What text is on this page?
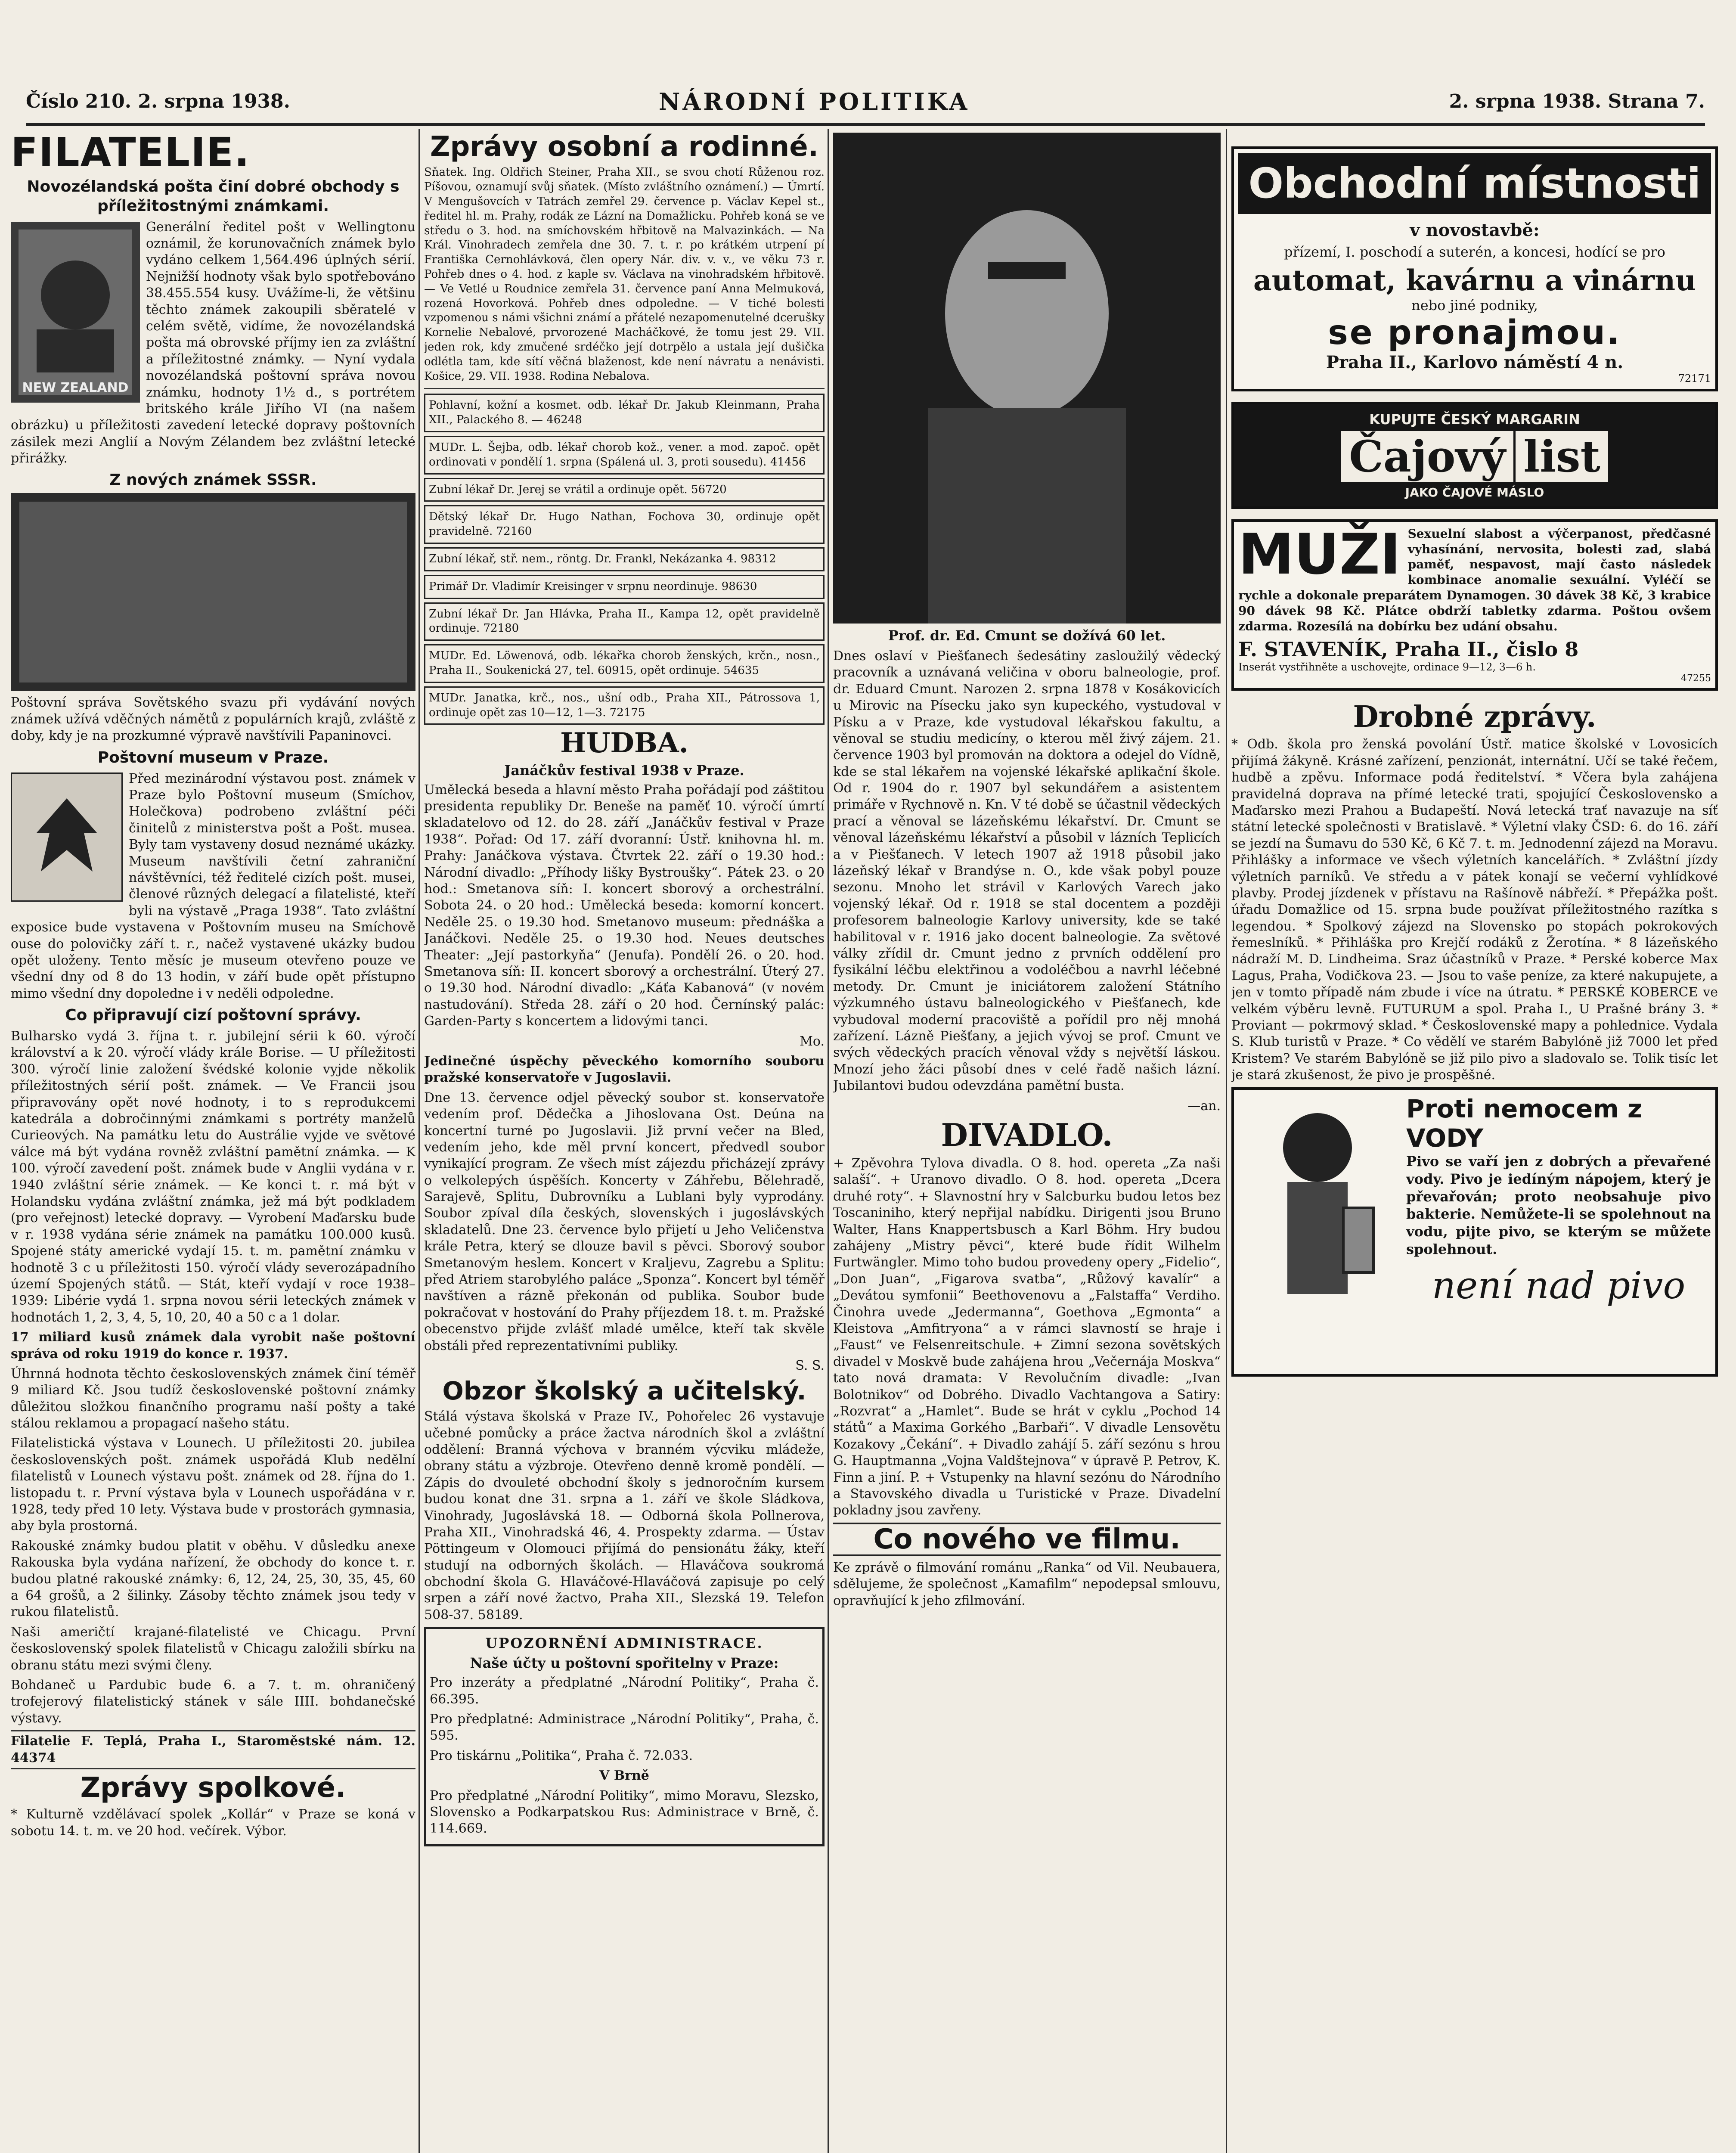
Číslo 210. 2. srpna 1938.	NÁRODNÍ POLITIKA	2. srpna 1938. Strana 7.
FILATELIE.
Novozélandská pošta činí dobré obchody s příležitostnými známkami.
NEW ZEALAND

Generální ředitel pošt v Wellingtonu oznámil, že korunovačních známek bylo vydáno celkem 1,564.496 úplných sérií. Nejnižší hodnoty však bylo spotřebováno 38.455.554 kusy. Uvážíme-li, že většinu těchto známek zakoupili sběratelé v celém světě, vidíme, že novozélandská pošta má obrovské příjmy ien za zvláštní a příležitostné známky. — Nyní vydala novozélandská poštovní správa novou známku, hodnoty 1½ d., s portrétem britského krále Jiřího VI (na našem obrázku) u příležitosti zavedení letecké dopravy poštovních zásilek mezi Anglií a Novým Zélandem bez zvláštní letecké přirážky.

Z nových známek SSSR.

Poštovní správa Sovětského svazu při vydávání nových známek užívá vděčných námětů z populárních krajů, zvláště z doby, kdy je na prozkumné výpravě navštívili Papaninovci.

Poštovní museum v Praze.

Před mezinárodní výstavou post. známek v Praze bylo Poštovní museum (Smíchov, Holečkova) podrobeno zvláštní péči činitelů z ministerstva pošt a Pošt. musea. Byly tam vystaveny dosud neznámé ukázky. Museum navštívili četní zahraniční návštěvníci, též ředitelé cizích pošt. musei, členové různých delegací a filatelisté, kteří byli na výstavě „Praga 1938“. Tato zvláštní exposice bude vystavena v Poštovním museu na Smíchově ouse do polovičky září t. r., načež vystavené ukázky budou opět uloženy. Tento měsíc je museum otevřeno pouze ve všední dny od 8 do 13 hodin, v září bude opět přístupno mimo všední dny dopoledne i v neděli odpoledne.

Co připravují cizí poštovní správy.

Bulharsko vydá 3. října t. r. jubilejní sérii k 60. výročí království a k 20. výročí vlády krále Borise. — U příležitosti 300. výročí linie založení švédské kolonie vyjde několik příležitostných sérií pošt. známek. — Ve Francii jsou připravovány opět nové hodnoty, i to s reprodukcemi katedrála a dobročinnými známkami s portréty manželů Curieových. Na památku letu do Austrálie vyjde ve světové válce má být vydána rovněž zvláštní pamětní známka. — K 100. výročí zavedení pošt. známek bude v Anglii vydána v r. 1940 zvláštní série známek. — Ke konci t. r. má být v Holandsku vydána zvláštní známka, jež má být podkladem (pro veřejnost) letecké dopravy. — Vyrobení Maďarsku bude v r. 1938 vydána série známek na památku 100.000 kusů. Spojené státy americké vydají 15. t. m. pamětní známku v hodnotě 3 c u příležitosti 150. výročí vlády severozápadního území Spojených států. — Stát, kteří vydají v roce 1938–1939: Libérie vydá 1. srpna novou sérii leteckých známek v hodnotách 1, 2, 3, 4, 5, 10, 20, 40 a 50 c a 1 dolar.

17 miliard kusů známek dala vyrobit naše poštovní správa od roku 1919 do konce r. 1937.

Úhrnná hodnota těchto československých známek činí téměř 9 miliard Kč. Jsou tudíž československé poštovní známky důležitou složkou finančního programu naší pošty a také stálou reklamou a propagací našeho státu.

Filatelistická výstava v Lounech. U příležitosti 20. jubilea československých pošt. známek uspořádá Klub nedělní filatelistů v Lounech výstavu pošt. známek od 28. října do 1. listopadu t. r. První výstava byla v Lounech uspořádána v r. 1928, tedy před 10 lety. Výstava bude v prostorách gymnasia, aby byla prostorná.

Rakouské známky budou platit v oběhu. V důsledku anexe Rakouska byla vydána nařízení, že obchody do konce t. r. budou platné rakouské známky: 6, 12, 24, 25, 30, 35, 45, 60 a 64 grošů, a 2 šilinky. Zásoby těchto známek jsou tedy v rukou filatelistů.

Naši američtí krajané-filatelisté ve Chicagu. První československý spolek filatelistů v Chicagu založili sbírku na obranu státu mezi svými členy.

Bohdaneč u Pardubic bude 6. a 7. t. m. ohraničený trofejerový filatelistický stánek v sále IIII. bohdanečské výstavy.

Filatelie F. Teplá, Praha I., Staroměstské nám. 12. 44374

Zprávy spolkové.

* Kulturně vzdělávací spolek „Kollár“ v Praze se koná v sobotu 14. t. m. ve 20 hod. večírek. Výbor.

Zprávy osobní a rodinné.

Sňatek. Ing. Oldřich Steiner, Praha XII., se svou chotí Růženou roz. Píšovou, oznamují svůj sňatek. (Místo zvláštního oznámení.) — Úmrtí. V Mengušovcích v Tatrách zemřel 29. července p. Václav Kepel st., ředitel hl. m. Prahy, rodák ze Lázní na Domažlicku. Pohřeb koná se ve středu o 3. hod. na smíchovském hřbitově na Malvazinkách. — Na Král. Vinohradech zemřela dne 30. 7. t. r. po krátkém utrpení pí Františka Cernohlávková, člen opery Nár. div. v. v., ve věku 73 r. Pohřeb dnes o 4. hod. z kaple sv. Václava na vinohradském hřbitově. — Ve Vetlé u Roudnice zemřela 31. července paní Anna Melmuková, rozená Hovorková. Pohřeb dnes odpoledne. — V tiché bolesti vzpomenou s námi všichni známí a přátelé nezapomenutelné dcerušky Kornelie Nebalové, prvorozené Macháčkové, že tomu jest 29. VII. jeden rok, kdy zmučené srdéčko její dotrpělo a ustala její dušička odlétla tam, kde sítí věčná blaženost, kde není návratu a nenávisti. Košice, 29. VII. 1938. Rodina Nebalova.

Pohlavní, kožní a kosmet. odb. lékař Dr. Jakub Kleinmann, Praha XII., Palackého 8. — 46248

MUDr. L. Šejba, odb. lékař chorob kož., vener. a mod. započ. opět ordinovati v pondělí 1. srpna (Spálená ul. 3, proti sousedu). 41456

Zubní lékař Dr. Jerej se vrátil a ordinuje opět. 56720

Dětský lékař Dr. Hugo Nathan, Fochova 30, ordinuje opět pravidelně. 72160

Zubní lékař, stř. nem., röntg. Dr. Frankl, Nekázanka 4. 98312

Primář Dr. Vladimír Kreisinger v srpnu neordinuje. 98630

Zubní lékař Dr. Jan Hlávka, Praha II., Kampa 12, opět pravidelně ordinuje. 72180

MUDr. Ed. Löwenová, odb. lékařka chorob ženských, krčn., nosn., Praha II., Soukenická 27, tel. 60915, opět ordinuje. 54635

MUDr. Janatka, krč., nos., ušní odb., Praha XII., Pátrossova 1, ordinuje opět zas 10—12, 1—3. 72175

HUDBA.
Janáčkův festival 1938 v Praze.

Umělecká beseda a hlavní město Praha pořádají pod záštitou presidenta republiky Dr. Beneše na paměť 10. výročí úmrtí skladatelovo od 12. do 28. září „Janáčkův festival v Praze 1938“. Pořad: Od 17. září dvoranní: Ústř. knihovna hl. m. Prahy: Janáčkova výstava. Čtvrtek 22. září o 19.30 hod.: Národní divadlo: „Příhody lišky Bystroušky“. Pátek 23. o 20 hod.: Smetanova síň: I. koncert sborový a orchestrální. Sobota 24. o 20 hod.: Umělecká beseda: komorní koncert. Neděle 25. o 19.30 hod. Smetanovo museum: přednáška a Janáčkovi. Neděle 25. o 19.30 hod. Neues deutsches Theater: „Její pastorkyňa“ (Jenufa). Pondělí 26. o 20. hod. Smetanova síň: II. koncert sborový a orchestrální. Úterý 27. o 19.30 hod. Národní divadlo: „Káťa Kabanová“ (v novém nastudování). Středa 28. září o 20 hod. Černínský palác: Garden-Party s koncertem a lidovými tanci.

Mo.

Jedinečné úspěchy pěveckého komorního souboru pražské konservatoře v Jugoslavii.

Dne 13. července odjel pěvecký soubor st. konservatoře vedením prof. Dědečka a Jihoslovana Ost. Deúna na koncertní turné po Jugoslavii. Již první večer na Bled, vedením jeho, kde měl první koncert, předvedl soubor vynikající program. Ze všech míst zájezdu přicházejí zprávy o velkolepých úspěších. Koncerty v Záhřebu, Bělehradě, Sarajevě, Splitu, Dubrovníku a Lublani byly vyprodány. Soubor zpíval díla českých, slovenských i jugoslávských skladatelů. Dne 23. července bylo přijetí u Jeho Veličenstva krále Petra, který se dlouze bavil s pěvci. Sborový soubor Smetanovým heslem. Koncert v Kraljevu, Zagrebu a Splitu: před Atriem starobylého paláce „Sponza“. Koncert byl téměř navštíven a rázně překonán od publika. Soubor bude pokračovat v hostování do Prahy příjezdem 18. t. m. Pražské obecenstvo přijde zvlášť mladé umělce, kteří tak skvěle obstáli před reprezentativními publiky.

S. S.

Obzor školský a učitelský.

Stálá výstava školská v Praze IV., Pohořelec 26 vystavuje učebné pomůcky a práce žactva národních škol a zvláštní oddělení: Branná výchova v branném výcviku mládeže, obrany státu a výzbroje. Otevřeno denně kromě pondělí. — Zápis do dvouleté obchodní školy s jednoročním kursem budou konat dne 31. srpna a 1. září ve škole Sládkova, Vinohrady, Jugoslávská 18. — Odborná škola Pollnerova, Praha XII., Vinohradská 46, 4. Prospekty zdarma. — Ústav Pöttingeum v Olomouci přijímá do pensionátu žáky, kteří studují na odborných školách. — Hlaváčova soukromá obchodní škola G. Hlaváčové-Hlaváčová zapisuje po celý srpen a září nové žactvo, Praha XII., Slezská 19. Telefon 508-37. 58189.

UPOZORNĚNÍ ADMINISTRACE.
Naše účty u poštovní spořitelny v Praze:

Pro inzeráty a předplatné „Národní Politiky“, Praha č. 66.395.

Pro předplatné: Administrace „Národní Politiky“, Praha, č. 595.

Pro tiskárnu „Politika“, Praha č. 72.033.

V Brně

Pro předplatné „Národní Politiky“, mimo Moravu, Slezsko, Slovensko a Podkarpatskou Rus: Administrace v Brně, č. 114.669.

Prof. dr. Ed. Cmunt se dožívá 60 let.

Dnes oslaví v Piešťanech šedesátiny zasloužilý vědecký pracovník a uznávaná veličina v oboru balneologie, prof. dr. Eduard Cmunt. Narozen 2. srpna 1878 v Kosákovicích u Mirovic na Písecku jako syn kupeckého, vystudoval v Písku a v Praze, kde vystudoval lékařskou fakultu, a věnoval se studiu medicíny, o kterou měl živý zájem. 21. července 1903 byl promován na doktora a odejel do Vídně, kde se stal lékařem na vojenské lékařské aplikační škole. Od r. 1904 do r. 1907 byl sekundářem a asistentem primáře v Rychnově n. Kn. V té době se účastnil vědeckých prací a věnoval se lázeňskému lékařství. Dr. Cmunt se věnoval lázeňskému lékařství a působil v lázních Teplicích a v Piešťanech. V letech 1907 až 1918 působil jako lázeňský lékař v Brandýse n. O., kde však pobyl pouze sezonu. Mnoho let strávil v Karlových Varech jako vojenský lékař. Od r. 1918 se stal docentem a později profesorem balneologie Karlovy university, kde se také habilitoval v r. 1916 jako docent balneologie. Za světové války zřídil dr. Cmunt jedno z prvních oddělení pro fysikální léčbu elektřinou a vodoléčbou a navrhl léčebné metody. Dr. Cmunt je iniciátorem založení Státního výzkumného ústavu balneologického v Piešťanech, kde vybudoval moderní pracoviště a pořídil pro něj mnohá zařízení. Lázně Piešťany, a jejich vývoj se prof. Cmunt ve svých vědeckých pracích věnoval vždy s největší láskou. Mnozí jeho žáci působí dnes v celé řadě našich lázní. Jubilantovi budou odevzdána pamětní busta.

—an.

DIVADLO.

+ Zpěvohra Tylova divadla. O 8. hod. opereta „Za naši salaší“. + Uranovo divadlo. O 8. hod. opereta „Dcera druhé roty“. + Slavnostní hry v Salcburku budou letos bez Toscaniniho, který nepřijal nabídku. Dirigenti jsou Bruno Walter, Hans Knappertsbusch a Karl Böhm. Hry budou zahájeny „Mistry pěvci“, které bude řídit Wilhelm Furtwängler. Mimo toho budou provedeny opery „Fidelio“, „Don Juan“, „Figarova svatba“, „Růžový kavalír“ a „Devátou symfonii“ Beethovenovu a „Falstaffa“ Verdiho. Činohra uvede „Jedermanna“, Goethova „Egmonta“ a Kleistova „Amfitryona“ a v rámci slavností se hraje i „Faust“ ve Felsenreitschule. + Zimní sezona sovětských divadel v Moskvě bude zahájena hrou „Večernája Moskva“ tato nová dramata: V Revolučním divadle: „Ivan Bolotnikov“ od Dobrého. Divadlo Vachtangova a Satiry: „Rozvrat“ a „Hamlet“. Bude se hrát v cyklu „Pochod 14 států“ a Maxima Gorkého „Barbaři“. V divadle Lensovětu Kozakovy „Čekání“. + Divadlo zahájí 5. září sezónu s hrou G. Hauptmanna „Vojna Valdštejnova“ v úpravě P. Petrov, K. Finn a jiní. P. + Vstupenky na hlavní sezónu do Národního a Stavovského divadla u Turistické v Praze. Divadelní pokladny jsou zavřeny.

Co nového ve filmu.

Ke zprávě o filmování románu „Ranka“ od Vil. Neubauera, sdělujeme, že společnost „Kamafilm“ nepodepsal smlouvu, opravňující k jeho zfilmování.

Obchodní místnosti
v novostavbě:
přízemí, I. poschodí a suterén, a koncesi, hodící se pro
automat, kavárnu a vinárnu
nebo jiné podniky,
se pronajmou.
Praha II., Karlovo náměstí 4 n.
72171
KUPUJTE ČESKÝ MARGARIN
Čajový list
JAKO ČAJOVÉ MÁSLO
MUŽI Sexuelní slabost a výčerpanost, předčasné vyhasínání, nervosita, bolesti zad, slabá paměť, nespavost, mají často následek kombinace anomalie sexuální. Vyléčí se rychle a dokonale preparátem Dynamogen. 30 dávek 38 Kč, 3 krabice 90 dávek 98 Kč. Plátce obdrží tabletky zdarma. Poštou ovšem zdarma. Rozesílá na dobírku bez udání obsahu.

F. STAVENÍK, Praha II., čislo 8
Inserát vystřihněte a uschovejte, ordinace 9—12, 3—6 h.
47255
Drobné zprávy.

* Odb. škola pro ženská povolání Ústř. matice školské v Lovosicích přijímá žákyně. Krásné zařízení, penzionát, internátní. Učí se také řečem, hudbě a zpěvu. Informace podá ředitelství. * Včera byla zahájena pravidelná doprava na přímé letecké trati, spojující Československo a Maďarsko mezi Prahou a Budapeští. Nová letecká trať navazuje na síť státní letecké společnosti v Bratislavě. * Výletní vlaky ČSD: 6. do 16. září se jezdí na Šumavu do 530 Kč, 6 Kč 7. t. m. Jednodenní zájezd na Moravu. Přihlášky a informace ve všech výletních kancelářích. * Zvláštní jízdy výletních parníků. Ve středu a v pátek konají se večerní vyhlídkové plavby. Prodej jízdenek v přístavu na Rašínově nábřeží. * Přepážka pošt. úřadu Domažlice od 15. srpna bude používat příležitostného razítka s legendou. * Spolkový zájezd na Slovensko po stopách pokrokových řemeslníků. * Přihláška pro Krejčí rodáků z Žerotína. * 8 lázeňského nádraží M. D. Lindheima. Sraz účastníků v Praze. * Perské koberce Max Lagus, Praha, Vodičkova 23. — Jsou to vaše peníze, za které nakupujete, a jen v tomto případě nám zbude i více na útratu. * PERSKÉ KOBERCE ve velkém výběru levně. FUTURUM a spol. Praha I., U Prašné brány 3. * Proviant — pokrmový sklad. * Československé mapy a pohlednice. Vydala S. Klub turistů v Praze. * Co vědělí ve starém Babylóně již 7000 let před Kristem? Ve starém Babylóně se již pilo pivo a sladovalo se. Tolik tisíc let je stará zkušenost, že pivo je prospěšné.

Proti nemocem z VODY

Pivo se vaří jen z dobrých a převařené vody. Pivo je iedíným nápojem, který je převařován; proto neobsahuje pivo bakterie. Nemůžete-li se spolehnout na vodu, pijte pivo, se kterým se můžete spolehnout.

není nad pivo
